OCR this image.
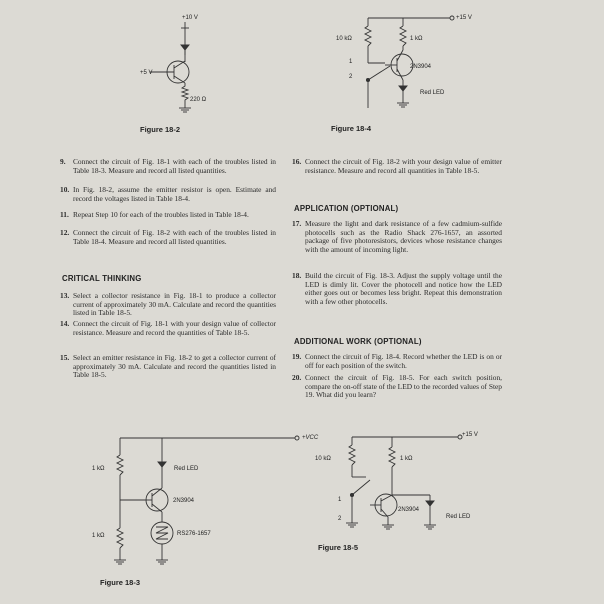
+10 V
+5 V
220 Ω
Figure 18-2
+15 V
10 kΩ	1 kΩ
1
2
2N3904
Red LED
Figure 18-4
9. Connect the circuit of Fig. 18-1 with each of the troubles listed in Table 18-3. Measure and record all listed quantities.
10. In Fig. 18-2, assume the emitter resistor is open. Estimate and record the voltages listed in Table 18-4.
11. Repeat Step 10 for each of the troubles listed in Table 18-4.
12. Connect the circuit of Fig. 18-2 with each of the troubles listed in Table 18-4. Measure and record all listed quantities.
CRITICAL THINKING
13. Select a collector resistance in Fig. 18-1 to produce a collector current of approximately 30 mA. Calculate and record the quantities listed in Table 18-5.
14. Connect the circuit of Fig. 18-1 with your design value of collector resistance. Measure and record the quantities of Table 18-5.
15. Select an emitter resistance in Fig. 18-2 to get a collector current of approximately 30 mA. Calculate and record the quantities listed in Table 18-5.
16. Connect the circuit of Fig. 18-2 with your design value of emitter resistance. Measure and record all quantities in Table 18-5.
APPLICATION (OPTIONAL)
17. Measure the light and dark resistance of a few cadmium-sulfide photocells such as the Radio Shack 276-1657, an assorted package of five photoresistors, devices whose resistance changes with the amount of incoming light.
18. Build the circuit of Fig. 18-3. Adjust the supply voltage until the LED is dimly lit. Cover the photocell and notice how the LED either goes out or becomes less bright. Repeat this demonstration with a few other photocells.
ADDITIONAL WORK (OPTIONAL)
19. Connect the circuit of Fig. 18-4. Record whether the LED is on or off for each position of the switch.
20. Connect the circuit of Fig. 18-5. For each switch position, compare the on-off state of the LED to the recorded values of Step 19. What did you learn?
+VCC
1 kΩ
1 kΩ
Red LED
2N3904
RS276-1657
Figure 18-3
+15 V
10 kΩ	1 kΩ
1
2
2N3904
Red LED
Figure 18-5
